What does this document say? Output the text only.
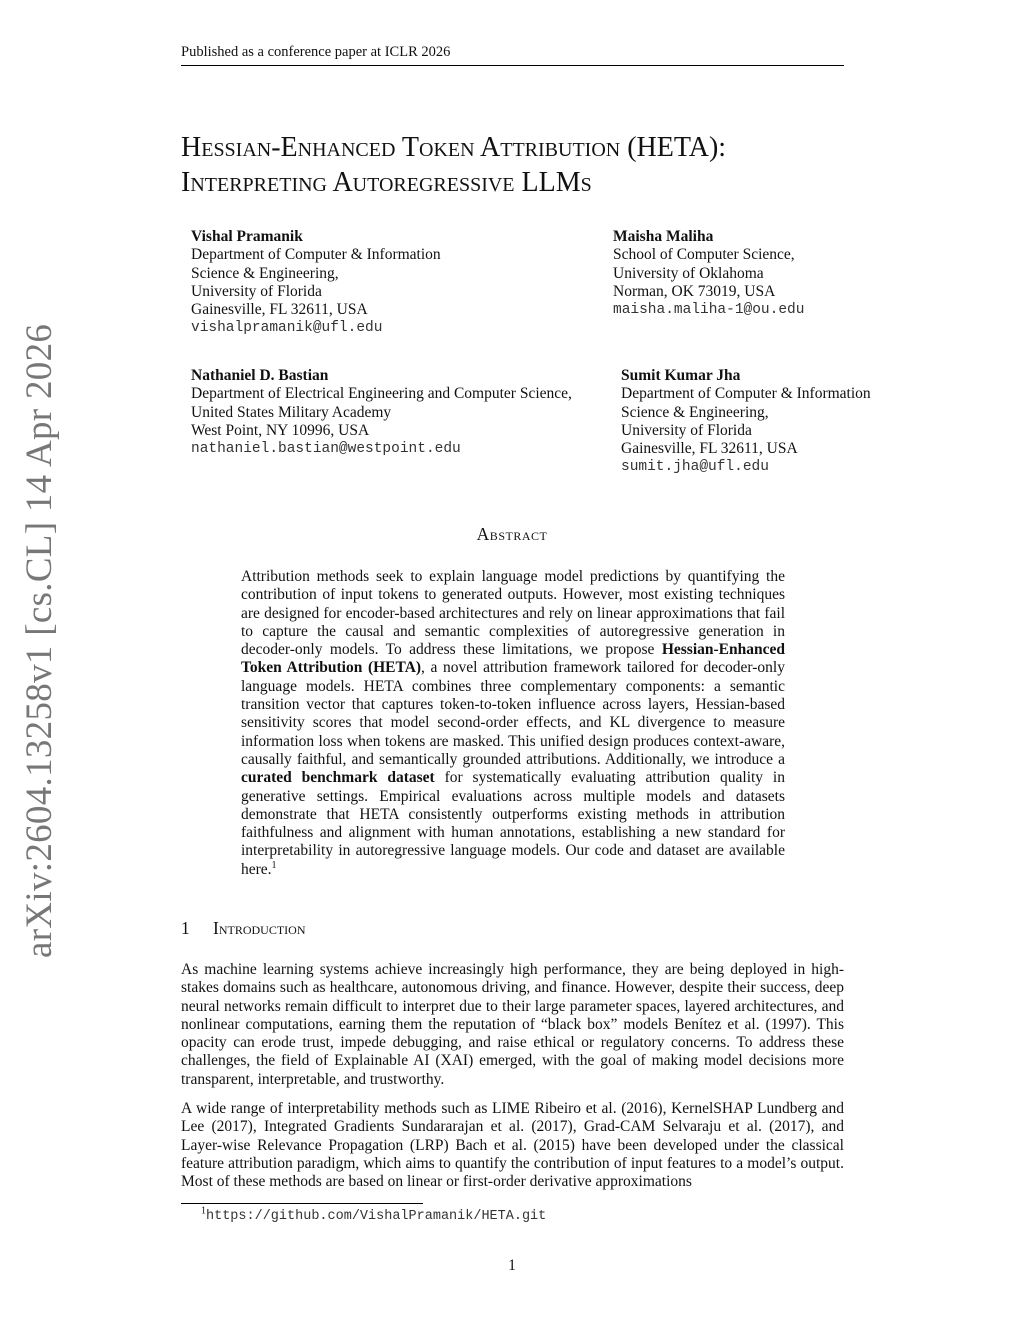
Published as a conference paper at ICLR 2026
arXiv:2604.13258v1 [cs.CL] 14 Apr 2026
Hessian-Enhanced Token Attribution (HETA):
Interpreting Autoregressive LLMs
Vishal Pramanik
Department of Computer & Information
Science & Engineering,
University of Florida
Gainesville, FL 32611, USA
vishalpramanik@ufl.edu
Maisha Maliha
School of Computer Science,
University of Oklahoma
Norman, OK 73019, USA
maisha.maliha-1@ou.edu
Nathaniel D. Bastian
Department of Electrical Engineering and Computer Science,
United States Military Academy
West Point, NY 10996, USA
nathaniel.bastian@westpoint.edu
Sumit Kumar Jha
Department of Computer & Information
Science & Engineering,
University of Florida
Gainesville, FL 32611, USA
sumit.jha@ufl.edu
Abstract
Attribution methods seek to explain language model predictions by quantifying the contribution of input tokens to generated outputs. However, most existing techniques are designed for encoder-based architectures and rely on linear approximations that fail to capture the causal and semantic complexities of autoregressive generation in decoder-only models. To address these limitations, we propose Hessian-Enhanced Token Attribution (HETA), a novel attribution framework tailored for decoder-only language models. HETA combines three complementary components: a semantic transition vector that captures token-to-token influence across layers, Hessian-based sensitivity scores that model second-order effects, and KL divergence to measure information loss when tokens are masked. This unified design produces context-aware, causally faithful, and semantically grounded attributions. Additionally, we introduce a curated benchmark dataset for systematically evaluating attribution quality in generative settings. Empirical evaluations across multiple models and datasets demonstrate that HETA consistently outperforms existing methods in attribution faithfulness and alignment with human annotations, establishing a new standard for interpretability in autoregressive language models. Our code and dataset are available here.$^1$
1 Introduction
As machine learning systems achieve increasingly high performance, they are being deployed in high-stakes domains such as healthcare, autonomous driving, and finance. However, despite their success, deep neural networks remain difficult to interpret due to their large parameter spaces, layered architectures, and nonlinear computations, earning them the reputation of “black box” models Benítez et al. (1997). This opacity can erode trust, impede debugging, and raise ethical or regulatory concerns. To address these challenges, the field of Explainable AI (XAI) emerged, with the goal of making model decisions more transparent, interpretable, and trustworthy.
A wide range of interpretability methods such as LIME Ribeiro et al. (2016), KernelSHAP Lundberg and Lee (2017), Integrated Gradients Sundararajan et al. (2017), Grad-CAM Selvaraju et al. (2017), and Layer-wise Relevance Propagation (LRP) Bach et al. (2015) have been developed under the classical feature attribution paradigm, which aims to quantify the contribution of input features to a model’s output. Most of these methods are based on linear or first-order derivative approximations
$^1$https://github.com/VishalPramanik/HETA.git
1
